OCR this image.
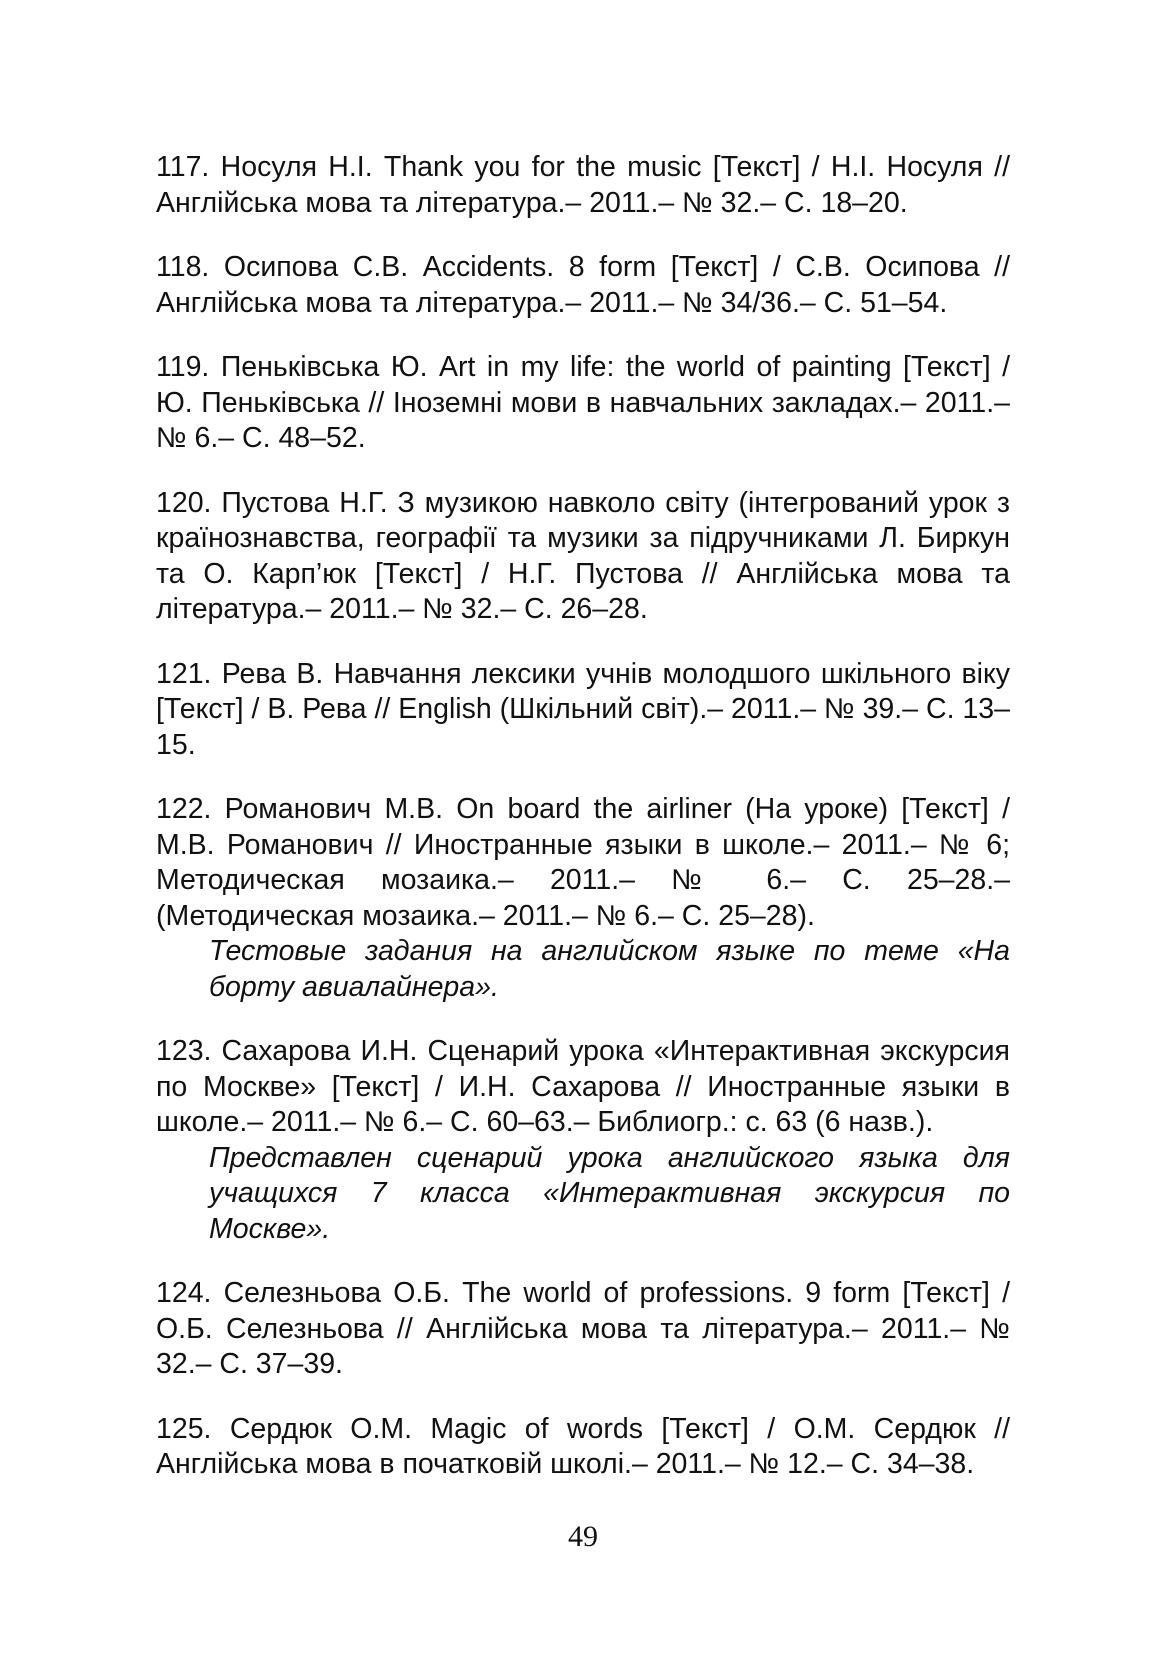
117. Носуля Н.І. Thank you for the music [Текст] / Н.І. Носуля // Англійська мова та література.– 2011.– № 32.– С. 18–20.

118. Осипова С.В. Accidents. 8 form [Текст] / С.В. Осипова // Англійська мова та література.– 2011.– № 34/36.– С. 51–54.

119. Пеньківська Ю. Art in my life: the world of painting [Текст] / Ю. Пеньківська // Іноземні мови в навчальних закладах.– 2011.– № 6.– С. 48–52.

120. Пустова Н.Г. З музикою навколо світу (інтегрований урок з країнознавства, географії та музики за підручниками Л. Биркун та О. Карп’юк [Текст] / Н.Г. Пустова // Англійська мова та література.– 2011.– № 32.– С. 26–28.

121. Рева В. Навчання лексики учнів молодшого шкільного віку [Текст] / В. Рева // English (Шкільний світ).– 2011.– № 39.– С. 13–15.

122. Романович М.В. On board the airliner (На уроке) [Текст] / М.В. Романович // Иностранные языки в школе.– 2011.– № 6; Методическая мозаика.– 2011.– № 6.– С. 25–28.– (Методическая мозаика.– 2011.– № 6.– С. 25–28).

Тестовые задания на английском языке по теме «На борту авиалайнера».

123. Сахарова И.Н. Сценарий урока «Интерактивная экскурсия по Москве» [Текст] / И.Н. Сахарова // Иностранные языки в школе.– 2011.– № 6.– С. 60–63.– Библиогр.: с. 63 (6 назв.).

Представлен сценарий урока английского языка для учащихся 7 класса «Интерактивная экскурсия по Москве».

124. Селезньова О.Б. The world of professions. 9 form [Текст] / О.Б. Селезньова // Англійська мова та література.– 2011.– № 32.– С. 37–39.

125. Сердюк О.М. Magic of words [Текст] / О.М. Сердюк // Англійська мова в початковій школі.– 2011.– № 12.– С. 34–38.

49
